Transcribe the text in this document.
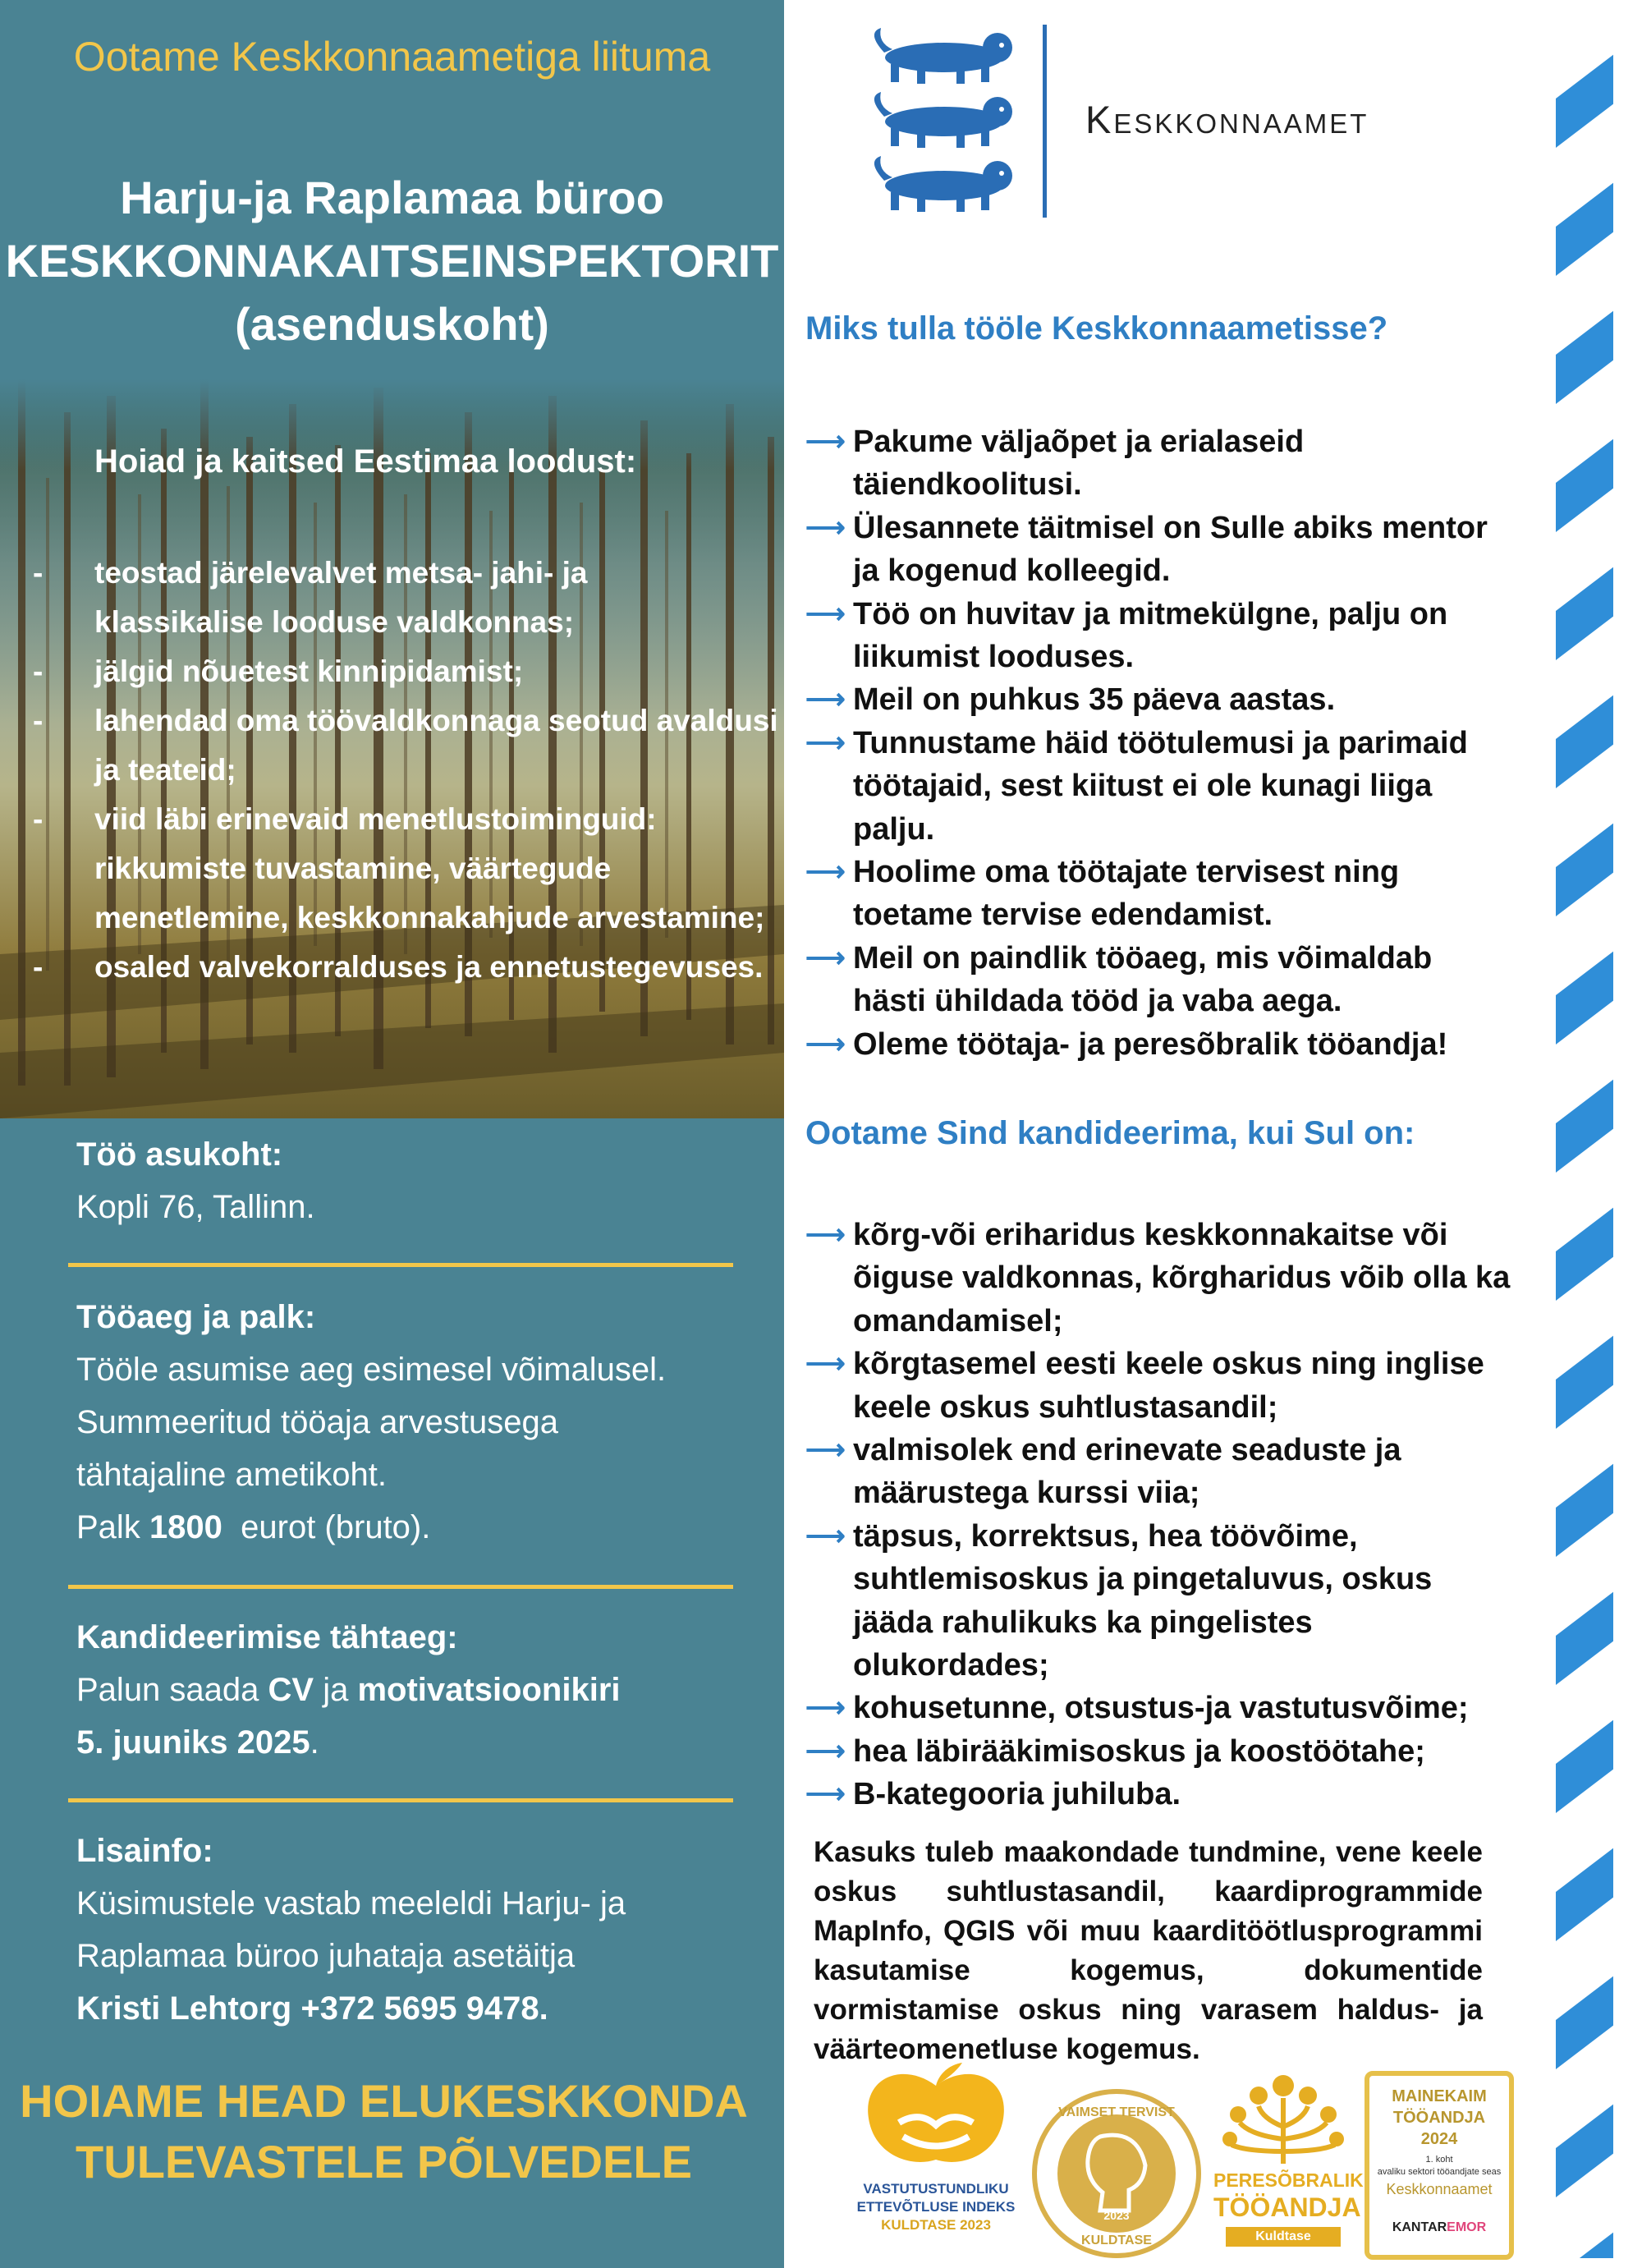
Ootame Keskkonnaametiga liituma
Harju-ja Raplamaa büroo
KESKKONNAKAITSEINSPEKTORIT
(asenduskoht)
Hoiad ja kaitsed Eestimaa loodust:
- teostad järelevalvet metsa- jahi- ja
klassikalise looduse valdkonnas;
- jälgid nõuetest kinnipidamist;
- lahendad oma töövaldkonnaga seotud avaldusi
ja teateid;
- viid läbi erinevaid menetlustoiminguid:
rikkumiste tuvastamine, väärtegude
menetlemine, keskkonnakahjude arvestamine;
- osaled valvekorralduses ja ennetustegevuses.
Töö asukoht:

Kopli 76, Tallinn.

Tööaeg ja palk:

Tööle asumise aeg esimesel võimalusel.

Summeeritud tööaja arvestusega

tähtajaline ametikoht.

Palk 1800  eurot (bruto).

Kandideerimise tähtaeg:

Palun saada CV ja motivatsioonikiri

5. juuniks 2025.

Lisainfo:

Küsimustele vastab meeleldi Harju- ja

Raplamaa büroo juhataja asetäitja

Kristi Lehtorg +372 5695 9478.

HOIAME HEAD ELUKESKKONDA
TULEVASTELE PÕLVEDELE
Keskkonnaamet
Miks tulla tööle Keskkonnaametisse?
⟶ Pakume väljaõpet ja erialaseid
täiendkoolitusi.
⟶ Ülesannete täitmisel on Sulle abiks mentor
ja kogenud kolleegid.
⟶ Töö on huvitav ja mitmekülgne, palju on
liikumist looduses.
⟶ Meil on puhkus 35 päeva aastas.
⟶ Tunnustame häid töötulemusi ja parimaid
töötajaid, sest kiitust ei ole kunagi liiga
palju.
⟶ Hoolime oma töötajate tervisest ning
toetame tervise edendamist.
⟶ Meil on paindlik tööaeg, mis võimaldab
hästi ühildada tööd ja vaba aega.
⟶ Oleme töötaja- ja peresõbralik tööandja!
Ootame Sind kandideerima, kui Sul on:
⟶ kõrg-või eriharidus keskkonnakaitse või
õiguse valdkonnas, kõrgharidus võib olla ka
omandamisel;
⟶ kõrgtasemel eesti keele oskus ning inglise
keele oskus suhtlustasandil;
⟶ valmisolek end erinevate seaduste ja
määrustega kurssi viia;
⟶ täpsus, korrektsus, hea töövõime,
suhtlemisoskus ja pingetaluvus, oskus
jääda rahulikuks ka pingelistes
olukordades;
⟶ kohusetunne, otsustus-ja vastutusvõime;
⟶ hea läbirääkimisoskus ja koostöötahe;
⟶ B-kategooria juhiluba.

Kasuks tuleb maakondade tundmine, vene keele oskus suhtlustasandil, kaardiprogrammide MapInfo, QGIS või muu kaarditöötlusprogrammi kasutamise kogemus, dokumentide vormistamise oskus ning varasem haldus- ja väärteomenetluse kogemus.

VASTUTUSTUNDLIKU
ETTEVÕTLUSE INDEKS
KULDTASE 2023
VAIMSET TERVIST
2023
KULDTASE
PERESÕBRALIK
TÖÖANDJA
Kuldtase
MAINEKAIM
TÖÖANDJA
2024
1. koht
avaliku sektori tööandjate seas
Keskkonnaamet
KANTAREMOR
